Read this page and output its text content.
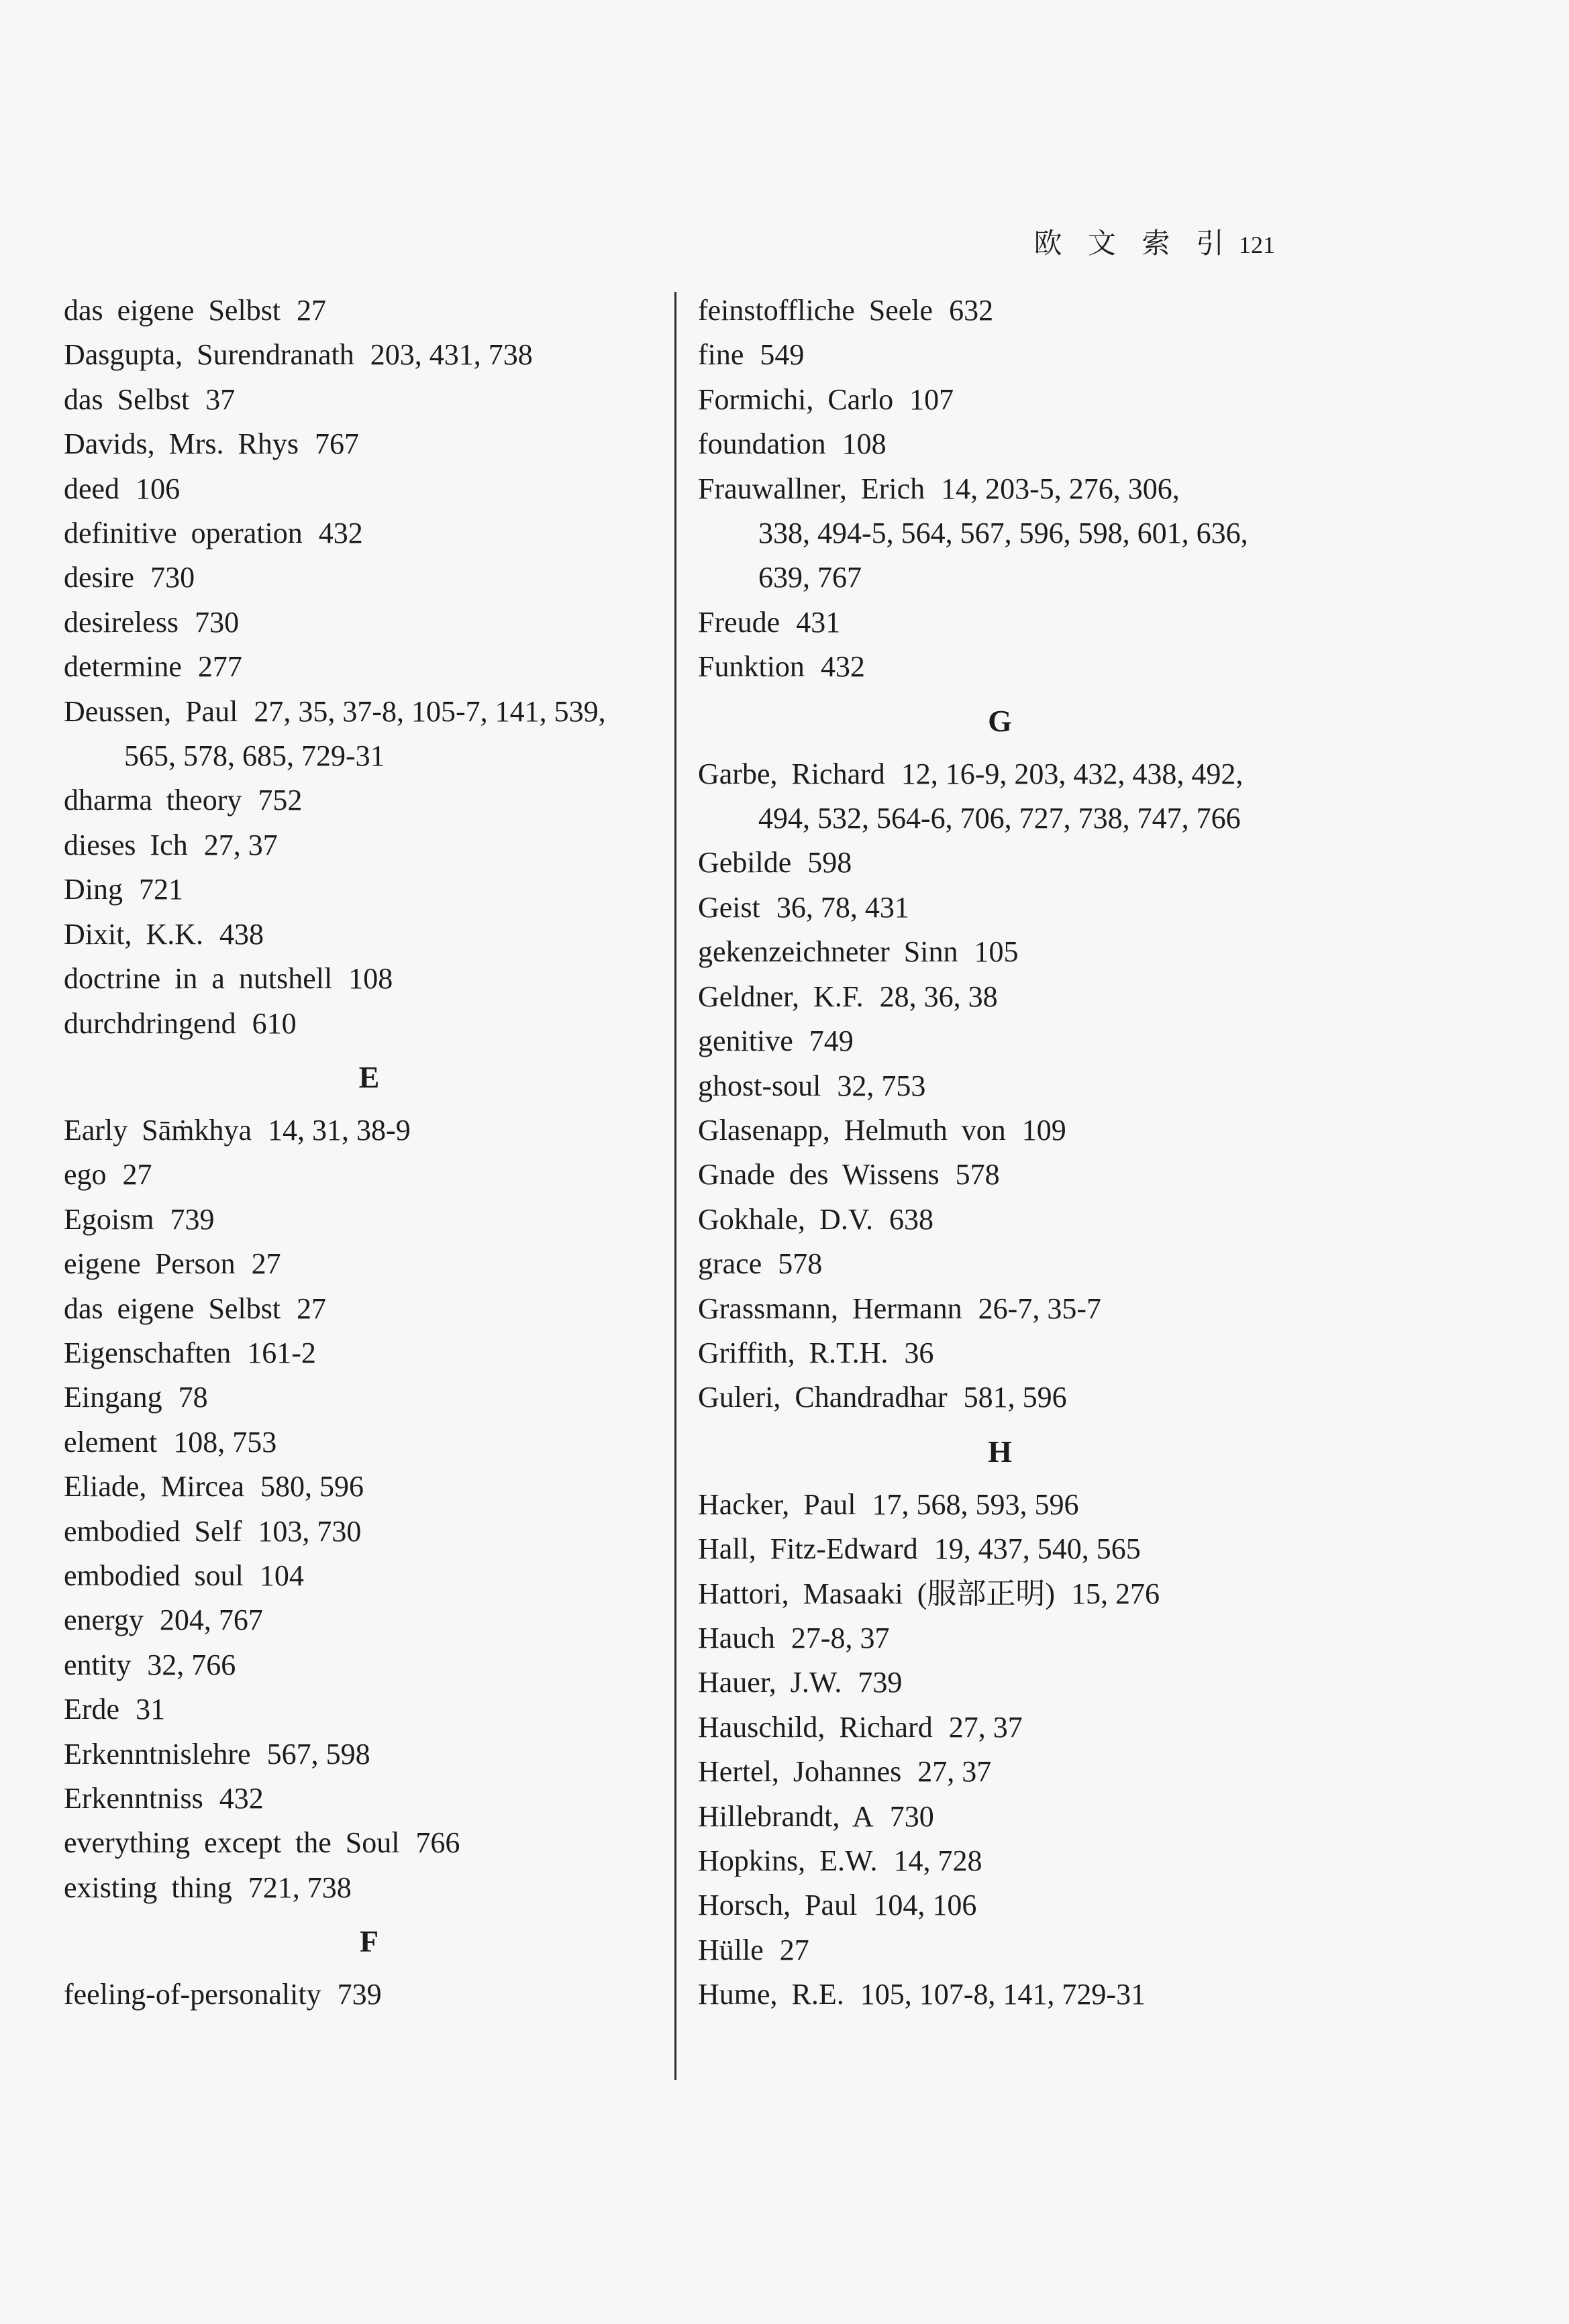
欧 文 索 引 121
das eigene Selbst 27
Dasgupta, Surendranath 203, 431, 738
das Selbst 37
Davids, Mrs. Rhys 767
deed 106
definitive operation 432
desire 730
desireless 730
determine 277
Deussen, Paul 27, 35, 37-8, 105-7, 141, 539,
565, 578, 685, 729-31
dharma theory 752
dieses Ich 27, 37
Ding 721
Dixit, K.K. 438
doctrine in a nutshell 108
durchdringend 610
E
Early Sāṁkhya 14, 31, 38-9
ego 27
Egoism 739
eigene Person 27
das eigene Selbst 27
Eigenschaften 161-2
Eingang 78
element 108, 753
Eliade, Mircea 580, 596
embodied Self 103, 730
embodied soul 104
energy 204, 767
entity 32, 766
Erde 31
Erkenntnislehre 567, 598
Erkenntniss 432
everything except the Soul 766
existing thing 721, 738
F
feeling-of-personality 739
feinstoffliche Seele 632
fine 549
Formichi, Carlo 107
foundation 108
Frauwallner, Erich 14, 203-5, 276, 306,
338, 494-5, 564, 567, 596, 598, 601, 636,
639, 767
Freude 431
Funktion 432
G
Garbe, Richard 12, 16-9, 203, 432, 438, 492,
494, 532, 564-6, 706, 727, 738, 747, 766
Gebilde 598
Geist 36, 78, 431
gekenzeichneter Sinn 105
Geldner, K.F. 28, 36, 38
genitive 749
ghost-soul 32, 753
Glasenapp, Helmuth von 109
Gnade des Wissens 578
Gokhale, D.V. 638
grace 578
Grassmann, Hermann 26-7, 35-7
Griffith, R.T.H. 36
Guleri, Chandradhar 581, 596
H
Hacker, Paul 17, 568, 593, 596
Hall, Fitz-Edward 19, 437, 540, 565
Hattori, Masaaki (服部正明) 15, 276
Hauch 27-8, 37
Hauer, J.W. 739
Hauschild, Richard 27, 37
Hertel, Johannes 27, 37
Hillebrandt, A 730
Hopkins, E.W. 14, 728
Horsch, Paul 104, 106
Hülle 27
Hume, R.E. 105, 107-8, 141, 729-31
